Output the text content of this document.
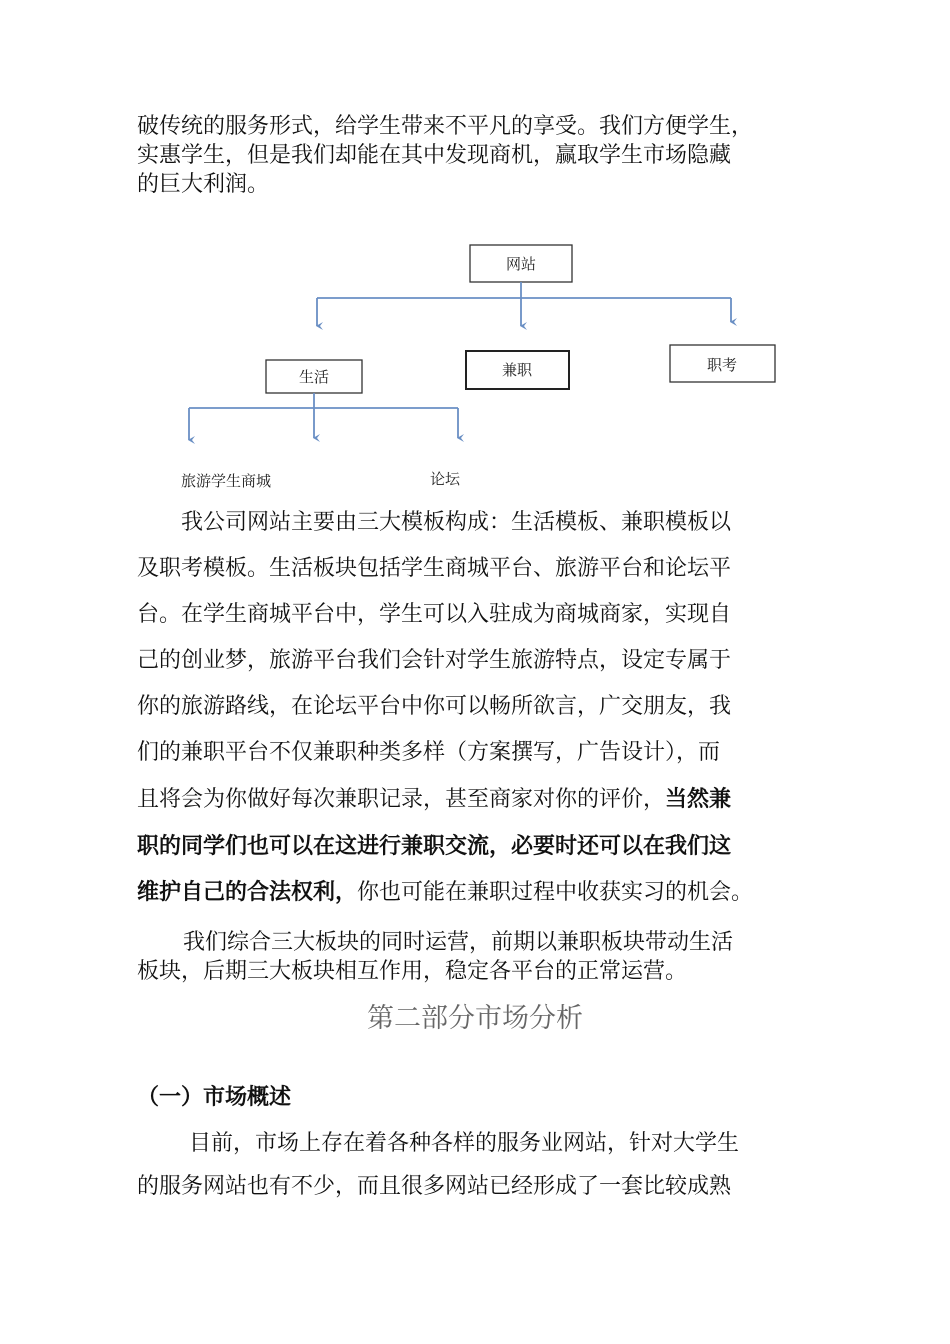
破传统的服务形式，给学生带来不平凡的享受。我们方便学生，
实惠学生，但是我们却能在其中发现商机，赢取学生市场隐藏
的巨大利润。
网站
生活	兼职	职考
旅游学生商城	论坛
我公司网站主要由三大模板构成：生活模板、兼职模板以
及职考模板。生活板块包括学生商城平台、旅游平台和论坛平
台。在学生商城平台中，学生可以入驻成为商城商家，实现自
己的创业梦，旅游平台我们会针对学生旅游特点，设定专属于
你的旅游路线，在论坛平台中你可以畅所欲言，广交朋友，我
们的兼职平台不仅兼职种类多样（方案撰写，广告设计），而
且将会为你做好每次兼职记录，甚至商家对你的评价，当然兼
职的同学们也可以在这进行兼职交流，必要时还可以在我们这
维护自己的合法权利，你也可能在兼职过程中收获实习的机会。
我们综合三大板块的同时运营，前期以兼职板块带动生活
板块，后期三大板块相互作用，稳定各平台的正常运营。
第二部分市场分析
（一）市场概述
目前，市场上存在着各种各样的服务业网站，针对大学生
的服务网站也有不少，而且很多网站已经形成了一套比较成熟
